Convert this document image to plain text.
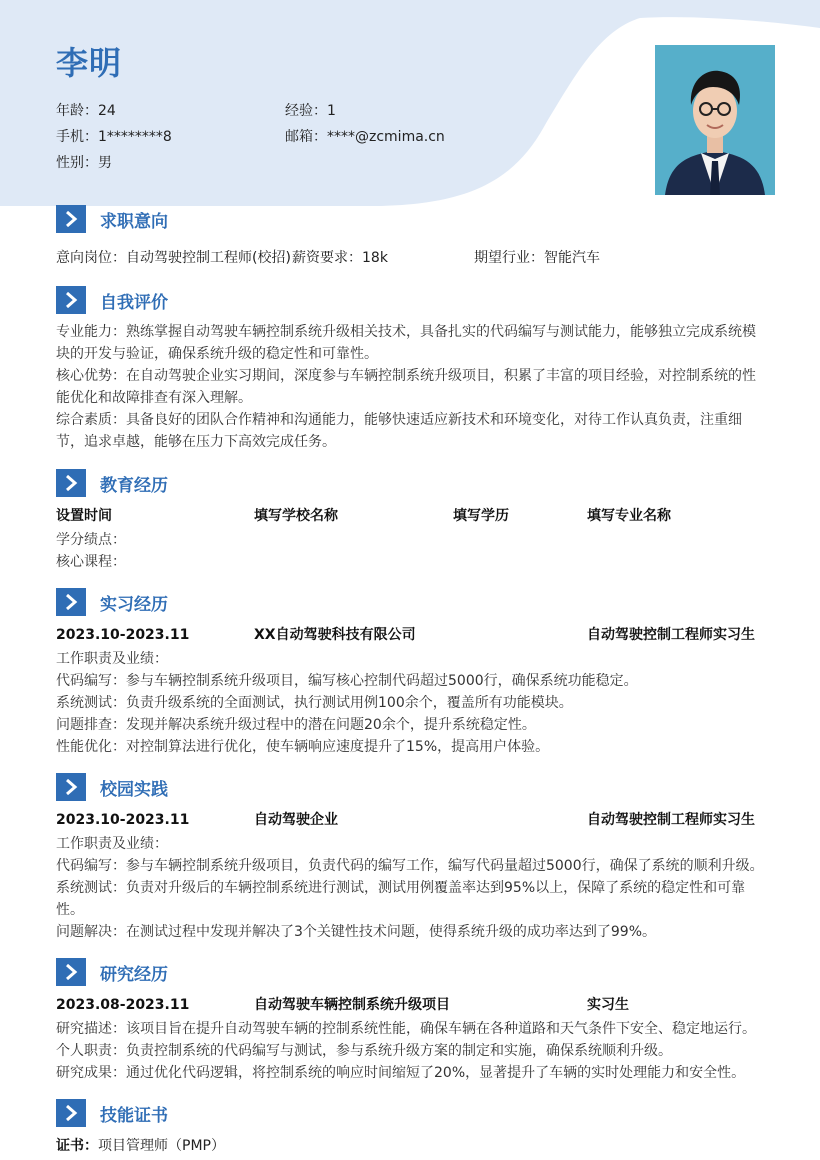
李明
年龄：24	经验：1
手机：1********8	邮箱：****@zcmima.cn
性别：男
求职意向
意向岗位：自动驾驶控制工程师(校招) 薪资要求：18k	期望行业：智能汽车
自我评价
专业能力：熟练掌握自动驾驶车辆控制系统升级相关技术，具备扎实的代码编写与测试能力，能够独立完成系统模块的开发与验证，确保系统升级的稳定性和可靠性。
核心优势：在自动驾驶企业实习期间，深度参与车辆控制系统升级项目，积累了丰富的项目经验，对控制系统的性能优化和故障排查有深入理解。
综合素质：具备良好的团队合作精神和沟通能力，能够快速适应新技术和环境变化，对待工作认真负责，注重细节，追求卓越，能够在压力下高效完成任务。
教育经历
设置时间	填写学校名称	填写学历	填写专业名称
学分绩点：
核心课程：
实习经历
2023.10-2023.11	XX自动驾驶科技有限公司	自动驾驶控制工程师实习生
工作职责及业绩：
代码编写：参与车辆控制系统升级项目，编写核心控制代码超过5000行，确保系统功能稳定。
系统测试：负责升级系统的全面测试，执行测试用例100余个，覆盖所有功能模块。
问题排查：发现并解决系统升级过程中的潜在问题20余个，提升系统稳定性。
性能优化：对控制算法进行优化，使车辆响应速度提升了15%，提高用户体验。
校园实践
2023.10-2023.11	自动驾驶企业	自动驾驶控制工程师实习生
工作职责及业绩：
代码编写：参与车辆控制系统升级项目，负责代码的编写工作，编写代码量超过5000行，确保了系统的顺利升级。
系统测试：负责对升级后的车辆控制系统进行测试，测试用例覆盖率达到95%以上，保障了系统的稳定性和可靠性。
问题解决：在测试过程中发现并解决了3个关键性技术问题，使得系统升级的成功率达到了99%。
研究经历
2023.08-2023.11	自动驾驶车辆控制系统升级项目	实习生
研究描述：该项目旨在提升自动驾驶车辆的控制系统性能，确保车辆在各种道路和天气条件下安全、稳定地运行。
个人职责：负责控制系统的代码编写与测试，参与系统升级方案的制定和实施，确保系统顺利升级。
研究成果：通过优化代码逻辑，将控制系统的响应时间缩短了20%，显著提升了车辆的实时处理能力和安全性。
技能证书
证书： 项目管理师（PMP）
